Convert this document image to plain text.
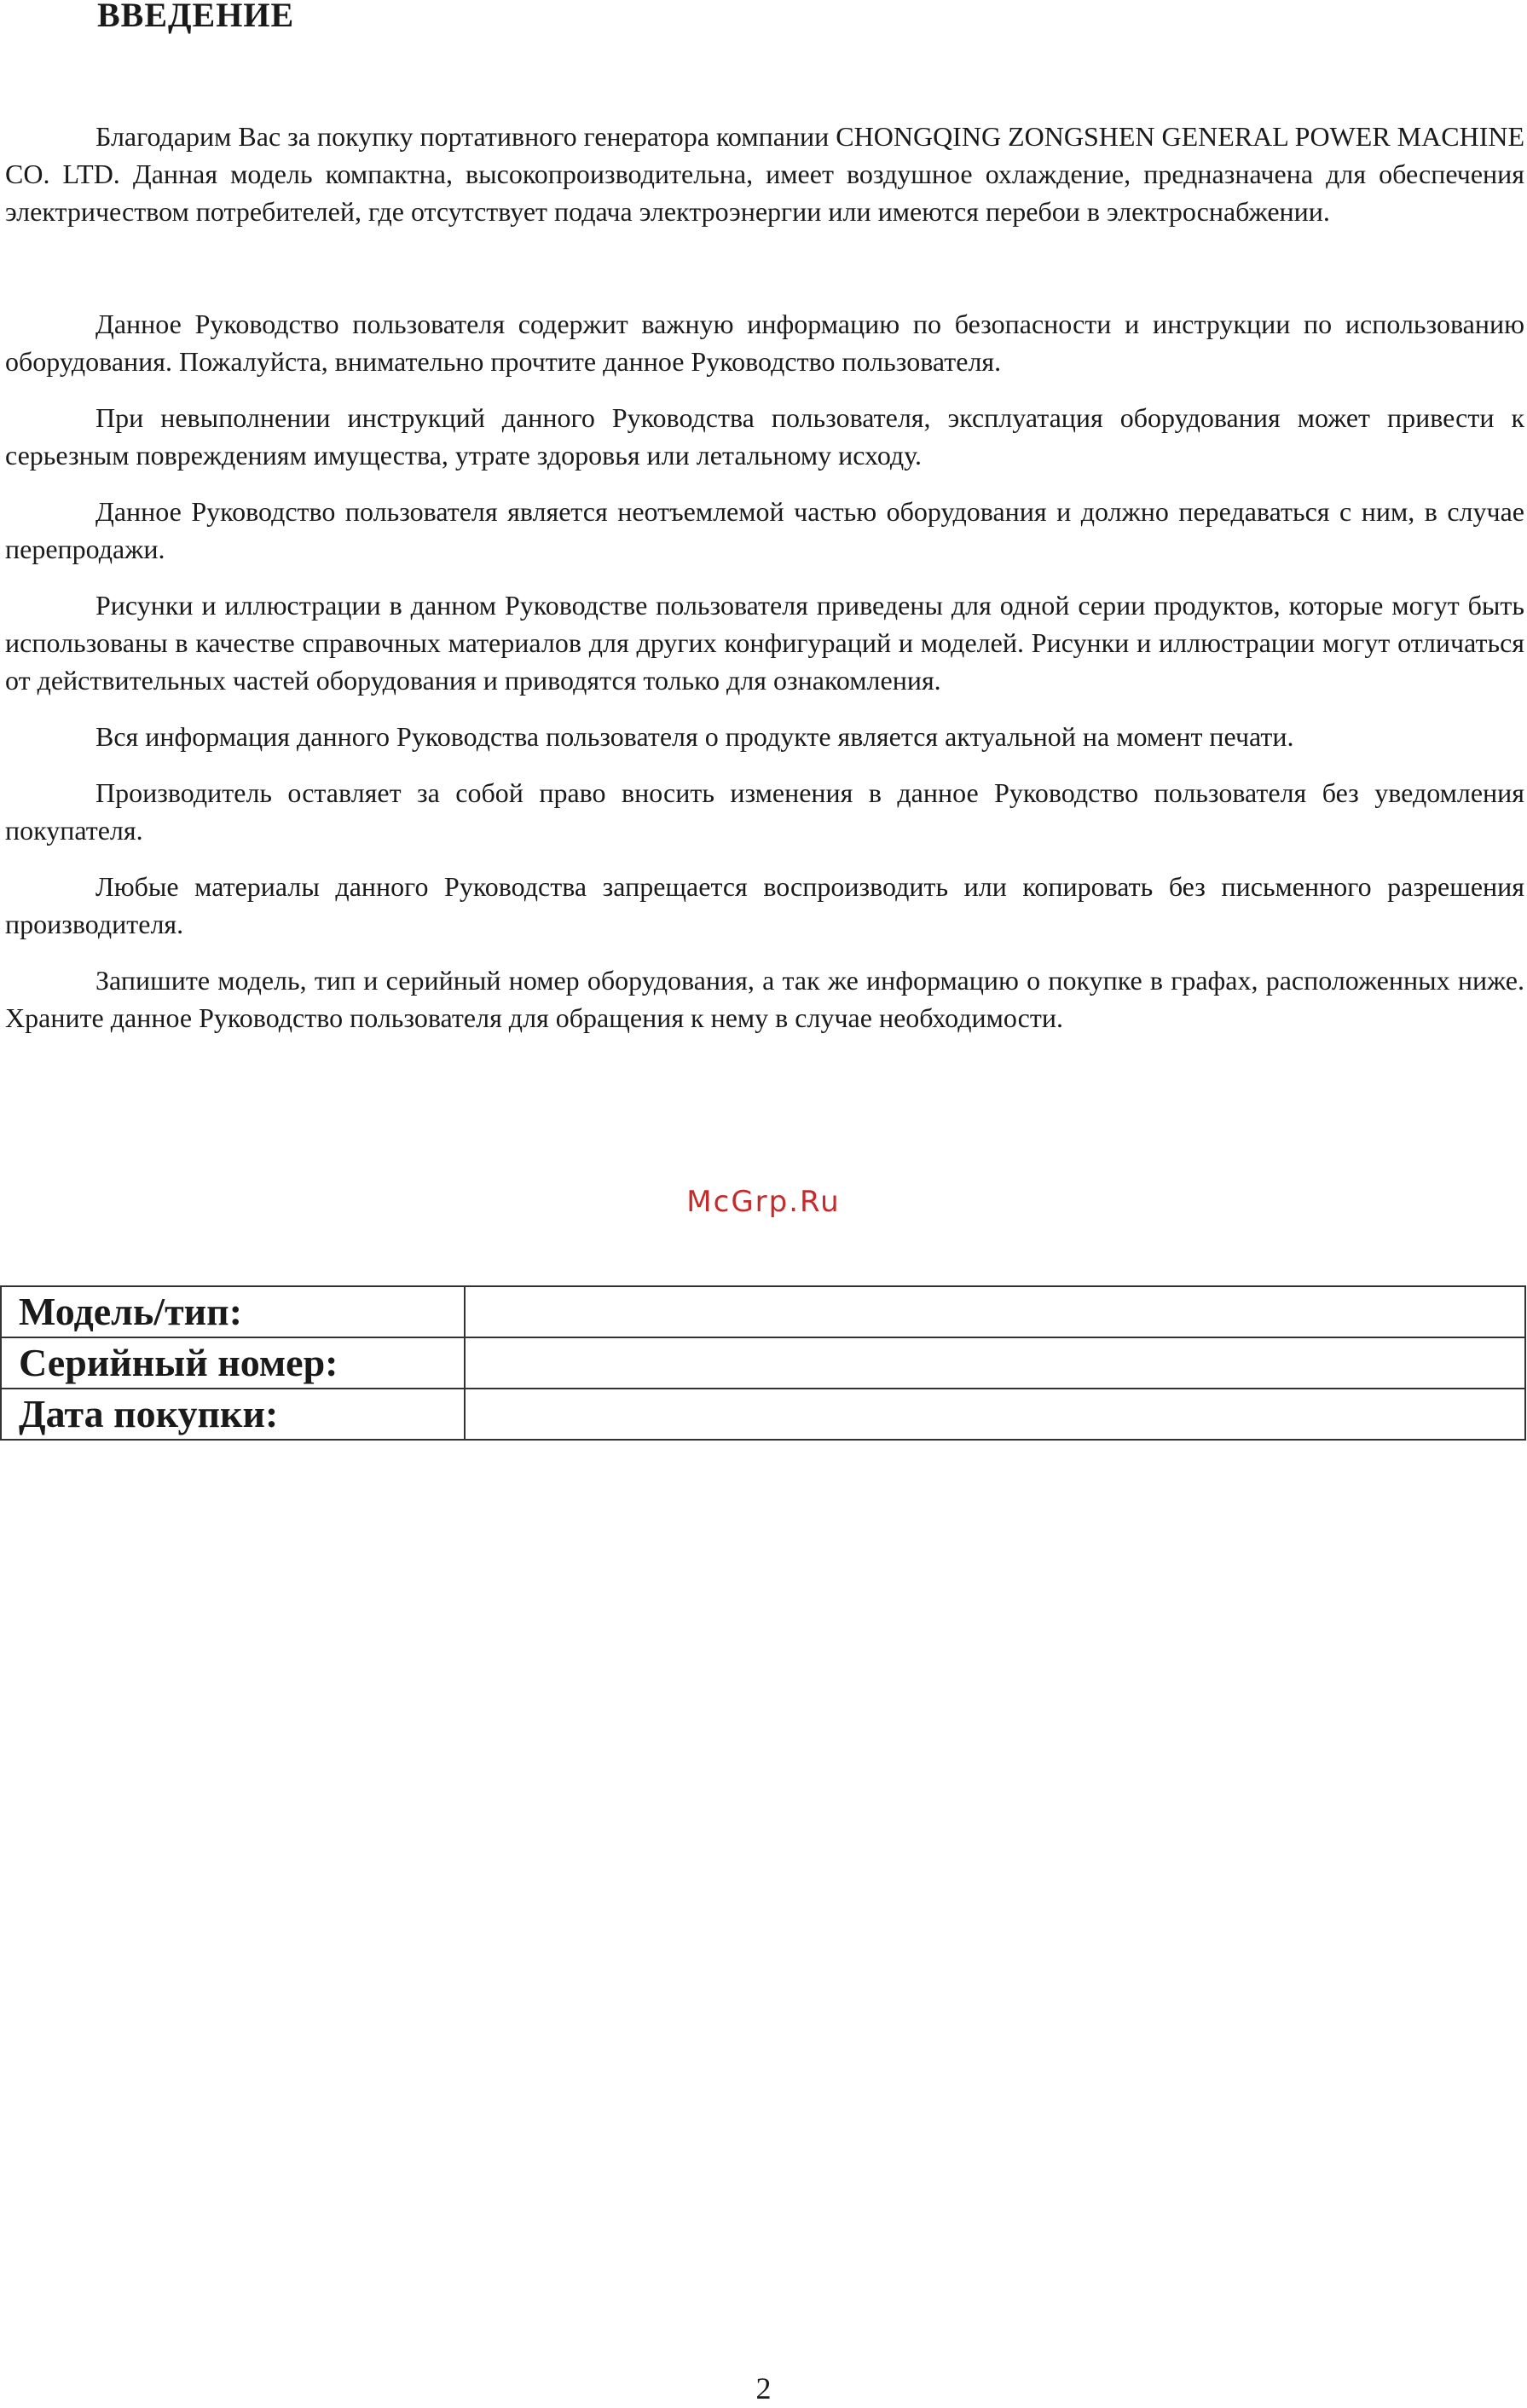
ВВЕДЕНИЕ

Благодарим Вас за покупку портативного генератора компании CHONGQING ZONGSHEN GENERAL POWER MACHINE CO. LTD. Данная модель компактна, высокопроизводительна, имеет воздушное охлаждение, предназначена для обеспечения электричеством потребителей, где отсутствует подача электроэнергии или имеются перебои в электроснабжении.

Данное Руководство пользователя содержит важную информацию по безопасности и инструкции по использованию оборудования. Пожалуйста, внимательно прочтите данное Руководство пользователя.

При невыполнении инструкций данного Руководства пользователя, эксплуатация оборудования может привести к серьезным повреждениям имущества, утрате здоровья или летальному исходу.

Данное Руководство пользователя является неотъемлемой частью оборудования и должно передаваться с ним, в случае перепродажи.

Рисунки и иллюстрации в данном Руководстве пользователя приведены для одной серии продуктов, которые могут быть использованы в качестве справочных материалов для других конфигураций и моделей. Рисунки и иллюстрации могут отличаться от действительных частей оборудования и приводятся только для ознакомления.

Вся информация данного Руководства пользователя о продукте является актуальной на момент печати.

Производитель оставляет за собой право вносить изменения в данное Руководство пользователя без уведомления покупателя.

Любые материалы данного Руководства запрещается воспроизводить или копировать без письменного разрешения производителя.

Запишите модель, тип и серийный номер оборудования, а так же информацию о покупке в графах, расположенных ниже. Храните данное Руководство пользователя для обращения к нему в случае необходимости.

McGrp.Ru
Модель/тип:	
Серийный номер:	
Дата покупки:	
2
